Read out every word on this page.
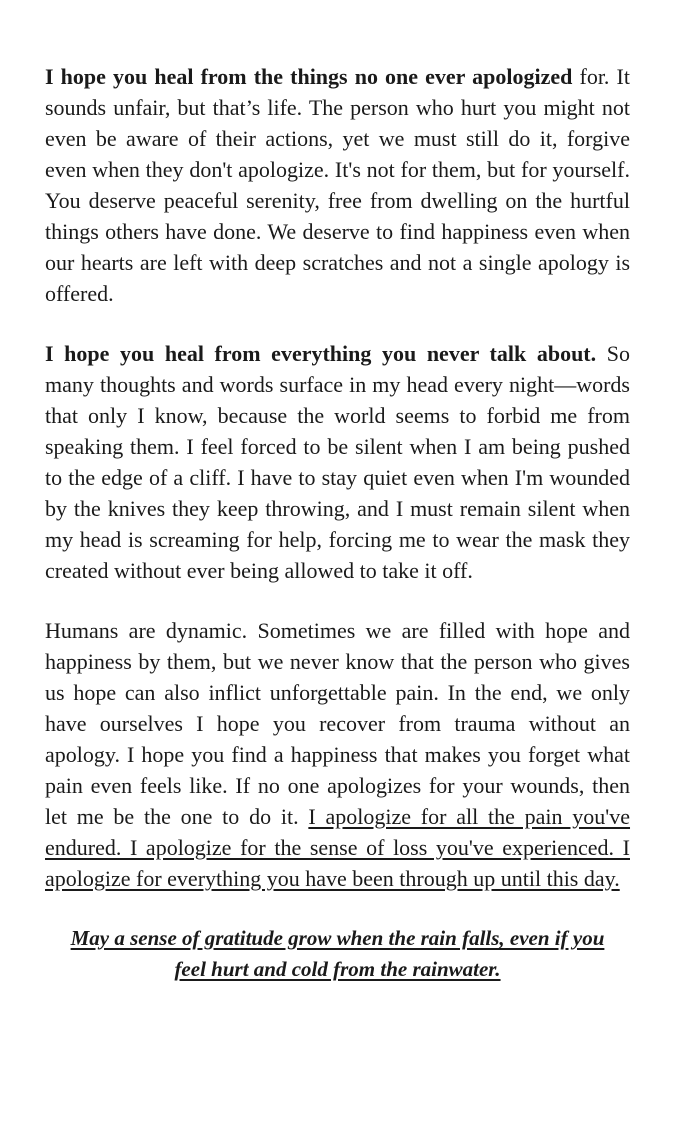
I hope you heal from the things no one ever apologized for. It sounds unfair, but that’s life. The person who hurt you might not even be aware of their actions, yet we must still do it, forgive even when they don't apologize. It's not for them, but for yourself. You deserve peaceful serenity, free from dwelling on the hurtful things others have done. We deserve to find happiness even when our hearts are left with deep scratches and not a single apology is offered.

I hope you heal from everything you never talk about. So many thoughts and words surface in my head every night—words that only I know, because the world seems to forbid me from speaking them. I feel forced to be silent when I am being pushed to the edge of a cliff. I have to stay quiet even when I'm wounded by the knives they keep throwing, and I must remain silent when my head is screaming for help, forcing me to wear the mask they created without ever being allowed to take it off.

Humans are dynamic. Sometimes we are filled with hope and happiness by them, but we never know that the person who gives us hope can also inflict unforgettable pain. In the end, we only have ourselves I hope you recover from trauma without an apology. I hope you find a happiness that makes you forget what pain even feels like. If no one apologizes for your wounds, then let me be the one to do it. I apologize for all the pain you've endured. I apologize for the sense of loss you've experienced. I apologize for everything you have been through up until this day.

May a sense of gratitude grow when the rain falls, even if you feel hurt and cold from the rainwater.
